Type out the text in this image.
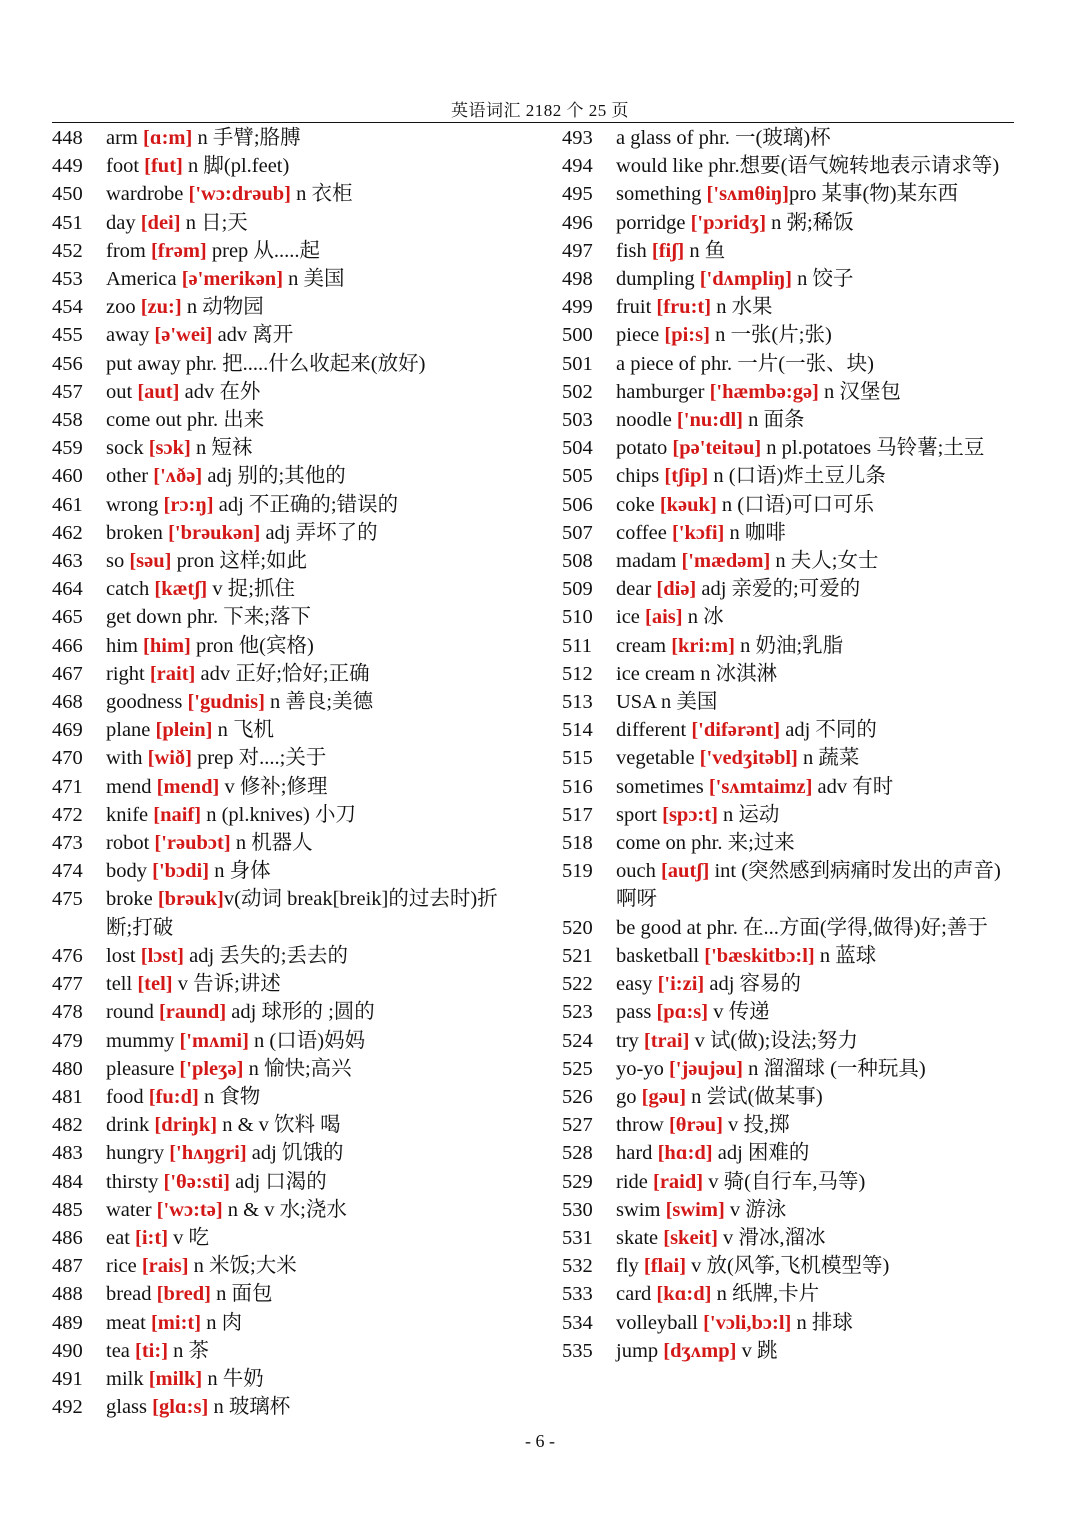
英语词汇 2182 个 25 页
448	arm [ɑ:m] n 手臂;胳膊
449	foot [fut] n 脚(pl.feet)
450	wardrobe ['wɔ:drəub] n 衣柜
451	day [dei] n 日;天
452	from [frəm] prep 从.....起
453	America [ə'merikən] n 美国
454	zoo [zu:] n 动物园
455	away [ə'wei] adv 离开
456	put away phr. 把.....什么收起来(放好)
457	out [aut] adv 在外
458	come out phr. 出来
459	sock [sɔk] n 短袜
460	other ['ʌðə] adj 别的;其他的
461	wrong [rɔ:ŋ] adj 不正确的;错误的
462	broken ['brəukən] adj 弄坏了的
463	so [səu] pron 这样;如此
464	catch [kætʃ] v 捉;抓住
465	get down phr. 下来;落下
466	him [him] pron 他(宾格)
467	right [rait] adv 正好;恰好;正确
468	goodness ['gudnis] n 善良;美德
469	plane [plein] n 飞机
470	with [wið] prep 对....;关于
471	mend [mend] v 修补;修理
472	knife [naif] n (pl.knives) 小刀
473	robot ['rəubɔt] n 机器人
474	body ['bɔdi] n 身体
475	broke [brəuk]v(动词 break[breik]的过去时)折断;打破
476	lost [lɔst] adj 丢失的;丢去的
477	tell [tel] v 告诉;讲述
478	round [raund] adj 球形的 ;圆的
479	mummy ['mʌmi] n (口语)妈妈
480	pleasure ['pleʒə] n 愉快;高兴
481	food [fu:d] n 食物
482	drink [driŋk] n & v 饮料 喝
483	hungry ['hʌŋgri] adj 饥饿的
484	thirsty ['θə:sti] adj 口渴的
485	water ['wɔ:tə] n & v 水;浇水
486	eat [i:t] v 吃
487	rice [rais] n 米饭;大米
488	bread [bred] n 面包
489	meat [mi:t] n 肉
490	tea [ti:] n 茶
491	milk [milk] n 牛奶
492	glass [glɑ:s] n 玻璃杯
493	a glass of phr. 一(玻璃)杯
494 would like phr.想要(语气婉转地表示请求等)
495	something ['sʌmθiŋ]pro 某事(物)某东西
496	porridge ['pɔridʒ] n 粥;稀饭
497	fish [fiʃ] n 鱼
498	dumpling ['dʌmpliŋ] n 饺子
499	fruit [fru:t] n 水果
500	piece [pi:s] n 一张(片;张)
501	a piece of phr. 一片(一张、块)
502	hamburger ['hæmbə:gə] n 汉堡包
503	noodle ['nu:dl] n 面条
504	potato [pə'teitəu] n pl.potatoes 马铃薯;土豆
505	chips [tʃip] n (口语)炸土豆儿条
506	coke [kəuk] n (口语)可口可乐
507	coffee ['kɔfi] n 咖啡
508	madam ['mædəm] n 夫人;女士
509	dear [diə] adj 亲爱的;可爱的
510	ice [ais] n 冰
511	cream [kri:m] n 奶油;乳脂
512	ice cream n 冰淇淋
513	USA n 美国
514	different ['difərənt] adj 不同的
515	vegetable ['vedʒitəbl] n 蔬菜
516	sometimes ['sʌmtaimz] adv 有时
517	sport [spɔ:t] n 运动
518	come on phr. 来;过来
519	ouch [autʃ] int (突然感到病痛时发出的声音)啊呀
520	be good at phr. 在...方面(学得,做得)好;善于
521	basketball ['bæskitbɔ:l] n 蓝球
522	easy ['i:zi] adj 容易的
523	pass [pɑ:s] v 传递
524	try [trai] v 试(做);设法;努力
525	yo-yo ['jəujəu] n 溜溜球 (一种玩具)
526	go [gəu] n 尝试(做某事)
527	throw [θrəu] v 投,掷
528	hard [hɑ:d] adj 困难的
529	ride [raid] v 骑(自行车,马等)
530	swim [swim] v 游泳
531	skate [skeit] v 滑冰,溜冰
532	fly [flai] v 放(风筝,飞机模型等)
533	card [kɑ:d] n 纸牌,卡片
534	volleyball ['vɔli,bɔ:l] n 排球
535	jump [dʒʌmp] v 跳
- 6 -
